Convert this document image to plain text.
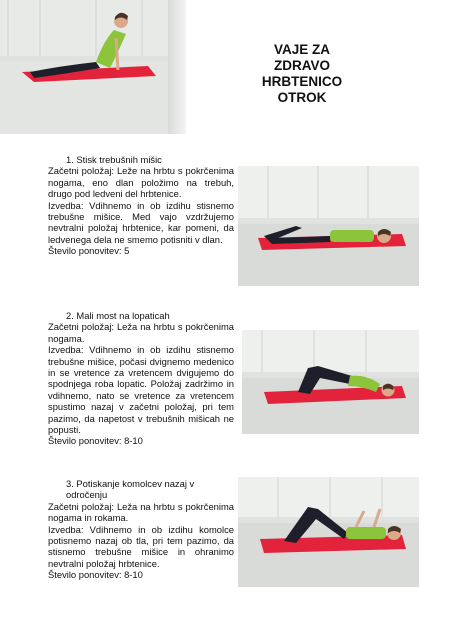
VAJE ZA
ZDRAVO
HRBTENICO
OTROK

1. Stisk trebušnih mišic

Začetni položaj: Leže na hrbtu s pokrčenima nogama, eno dlan položimo na trebuh, drugo pod ledveni del hrbtenice.

Izvedba: Vdihnemo in ob izdihu stisnemo trebušne mišice. Med vajo vzdržujemo nevtralni položaj hrbtenice, kar pomeni, da ledvenega dela ne smemo potisniti v dlan.

Število ponovitev: 5

2. Mali most na lopaticah

Začetni položaj: Leža na hrbtu s pokrčenima nogama.

Izvedba: Vdihnemo in ob izdihu stisnemo trebušne mišice, počasi dvignemo medenico in se vretence za vretencem dvigujemo do spodnjega roba lopatic. Položaj zadržimo in vdihnemo, nato se vretence za vretencem spustimo nazaj v začetni položaj, pri tem pazimo, da napetost v trebušnih mišicah ne popusti.

Število ponovitev: 8-10

3. Potiskanje komolcev nazaj v odročenju

Začetni položaj: Leža na hrbtu s pokrčenima nogama in rokama.

Izvedba: Vdihnemo in ob izdihu komolce potisnemo nazaj ob tla, pri tem pazimo, da stisnemo trebušne mišice in ohranimo nevtralni položaj hrbtenice.

Število ponovitev: 8-10
